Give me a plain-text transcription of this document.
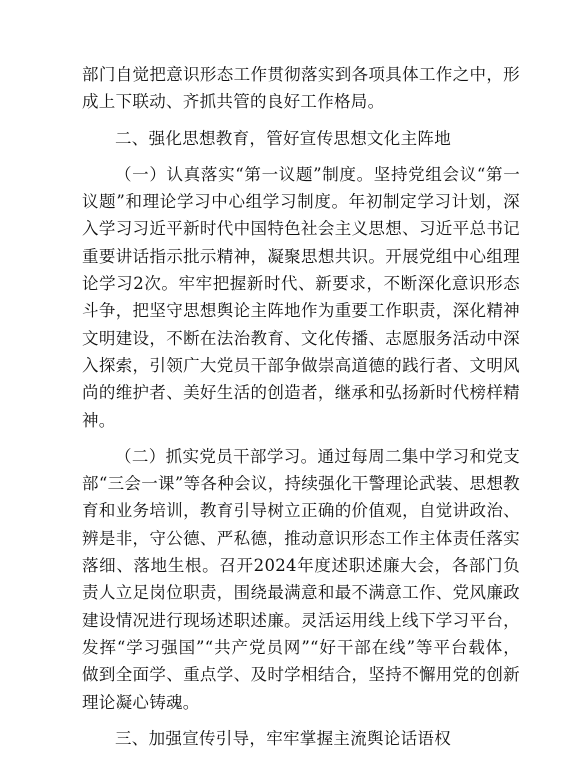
部门自觉把意识形态工作贯彻落实到各项具体工作之中，形成上下联动、齐抓共管的良好工作格局。

二、强化思想教育，管好宣传思想文化主阵地

（一）认真落实“第一议题”制度。坚持党组会议“第一议题”和理论学习中心组学习制度。年初制定学习计划，深入学习习近平新时代中国特色社会主义思想、习近平总书记重要讲话指示批示精神，凝聚思想共识。开展党组中心组理论学习2次。牢牢把握新时代、新要求，不断深化意识形态斗争，把坚守思想舆论主阵地作为重要工作职责，深化精神文明建设，不断在法治教育、文化传播、志愿服务活动中深入探索，引领广大党员干部争做崇高道德的践行者、文明风尚的维护者、美好生活的创造者，继承和弘扬新时代榜样精神。

（二）抓实党员干部学习。通过每周二集中学习和党支部“三会一课”等各种会议，持续强化干警理论武装、思想教育和业务培训，教育引导树立正确的价值观，自觉讲政治、辨是非，守公德、严私德，推动意识形态工作主体责任落实落细、落地生根。召开2024年度述职述廉大会，各部门负责人立足岗位职责，围绕最满意和最不满意工作、党风廉政建设情况进行现场述职述廉。灵活运用线上线下学习平台，发挥“学习强国”“共产党员网”“好干部在线”等平台载体，做到全面学、重点学、及时学相结合，坚持不懈用党的创新理论凝心铸魂。

三、加强宣传引导，牢牢掌握主流舆论话语权
